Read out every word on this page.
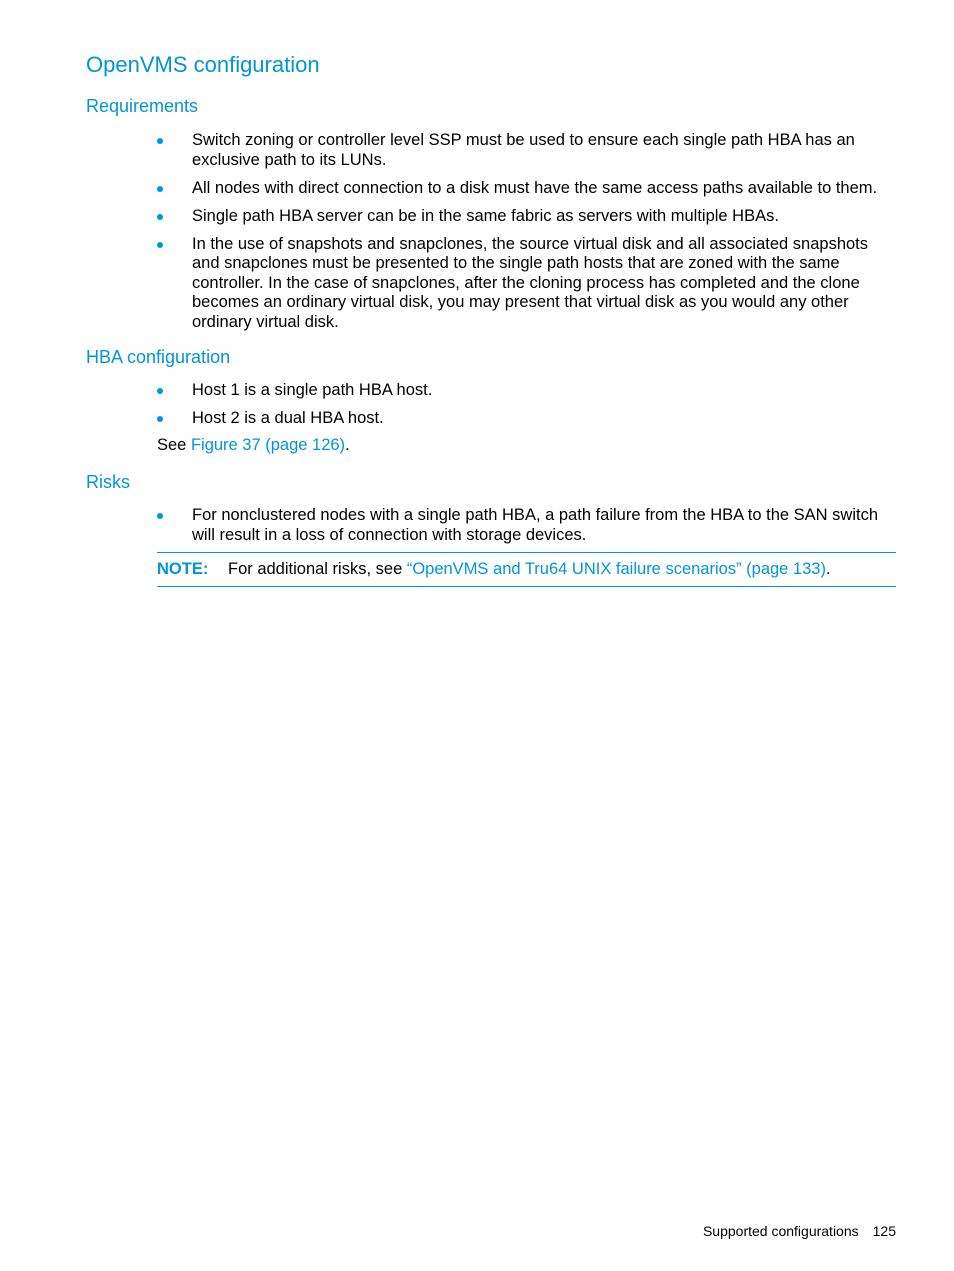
OpenVMS configuration
Requirements
Switch zoning or controller level SSP must be used to ensure each single path HBA has an exclusive path to its LUNs.
All nodes with direct connection to a disk must have the same access paths available to them.
Single path HBA server can be in the same fabric as servers with multiple HBAs.
In the use of snapshots and snapclones, the source virtual disk and all associated snapshots and snapclones must be presented to the single path hosts that are zoned with the same controller. In the case of snapclones, after the cloning process has completed and the clone becomes an ordinary virtual disk, you may present that virtual disk as you would any other ordinary virtual disk.
HBA configuration
Host 1 is a single path HBA host.
Host 2 is a dual HBA host.
See Figure 37 (page 126).
Risks
For nonclustered nodes with a single path HBA, a path failure from the HBA to the SAN switch will result in a loss of connection with storage devices.
NOTE: For additional risks, see “OpenVMS and Tru64 UNIX failure scenarios” (page 133).
Supported configurations 125
